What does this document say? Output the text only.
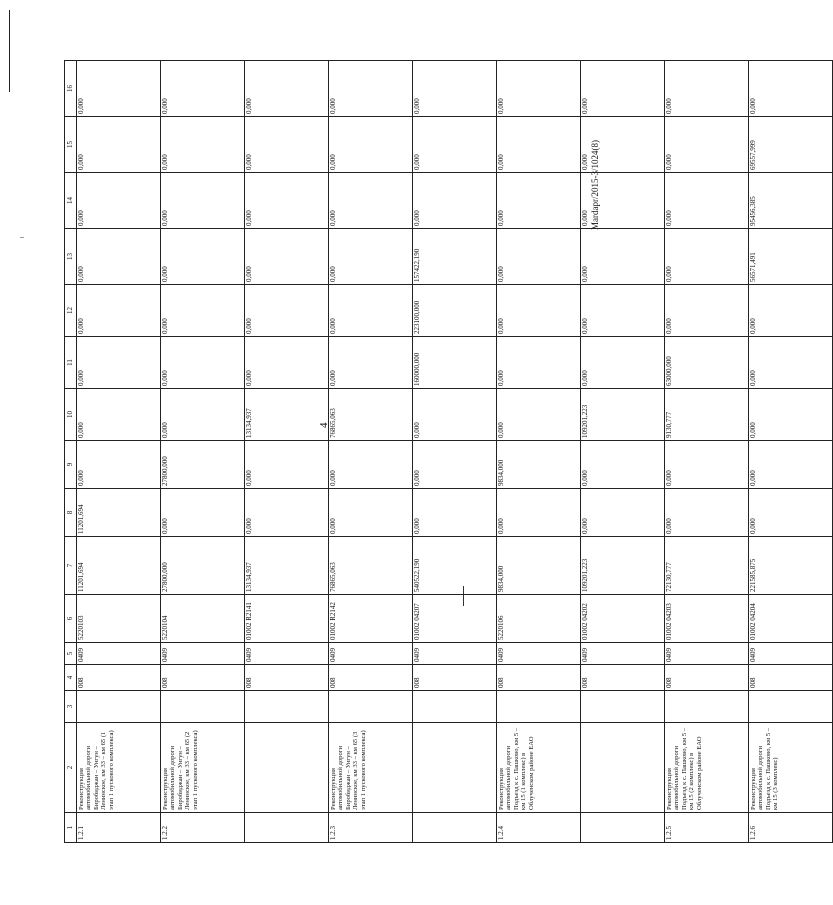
4
Mardapr/2015-3/1024(8)
1	2	3	4	5	6	7	8	9	10	11	12	13	14	15	16
1.2.1	Реконструкция автомобильной дороги Биробиджан – Унгун – Ленинское, км 33 – км 65 (1 этап 1 пускового комплекса)		008	0409	5220103	11201,694	11201,694	0,000	0,000	0,000	0,000	0,000	0,000	0,000	0,000
1.2.2	Реконструкция автомобильной дороги Биробиджан – Унгун – Ленинское, км 33 – км 65 (2 этап 1 пускового комплекса)		008	0409	5220104	27800,000	0,000	27800,000	0,000	0,000	0,000	0,000	0,000	0,000	0,000
			008	0409	01002 R2141	13134,937	0,000	0,000	13134,937	0,000	0,000	0,000	0,000	0,000	0,000
1.2.3	Реконструкция автомобильной дороги Биробиджан – Унгун – Ленинское, км 33 – км 65 (3 этап 1 пускового комплекса)		008	0409	01002 R2142	76865,063	0,000	0,000	76865,063	0,000	0,000	0,000	0,000	0,000	0,000
			008	0409	01002 04207	540522,190	0,000	0,000	0,000	160000,000	223100,000	157422,190	0,000	0,000	0,000
1.2.4	Реконструкция автомобильной дороги Подъезд к с. Пашково, км 5 – км 15 (1 комплекс) в Облученском районе ЕАО		008	0409	5220106	9834,000	0,000	9834,000	0,000	0,000	0,000	0,000	0,000	0,000	0,000
			008	0409	01002 04202	109201,223	0,000	0,000	109201,223	0,000	0,000	0,000	0,000	0,000	0,000
1.2.5	Реконструкция автомобильной дороги Подъезд к с. Пашково, км 5 – км 15 (2 комплекс) в Облученском районе ЕАО		008	0409	01002 04203	72130,777	0,000	0,000	9130,777	63000,000	0,000	0,000	0,000	0,000	0,000
1.2.6	Реконструкция автомобильной дороги Подъезд к с. Пашково, км 5 – км 15 (3 комплекс)		008	0409	01002 04204	221585,875	0,000	0,000	0,000	0,000	0,000	56571,491	95456,385	69557,999	0,000
